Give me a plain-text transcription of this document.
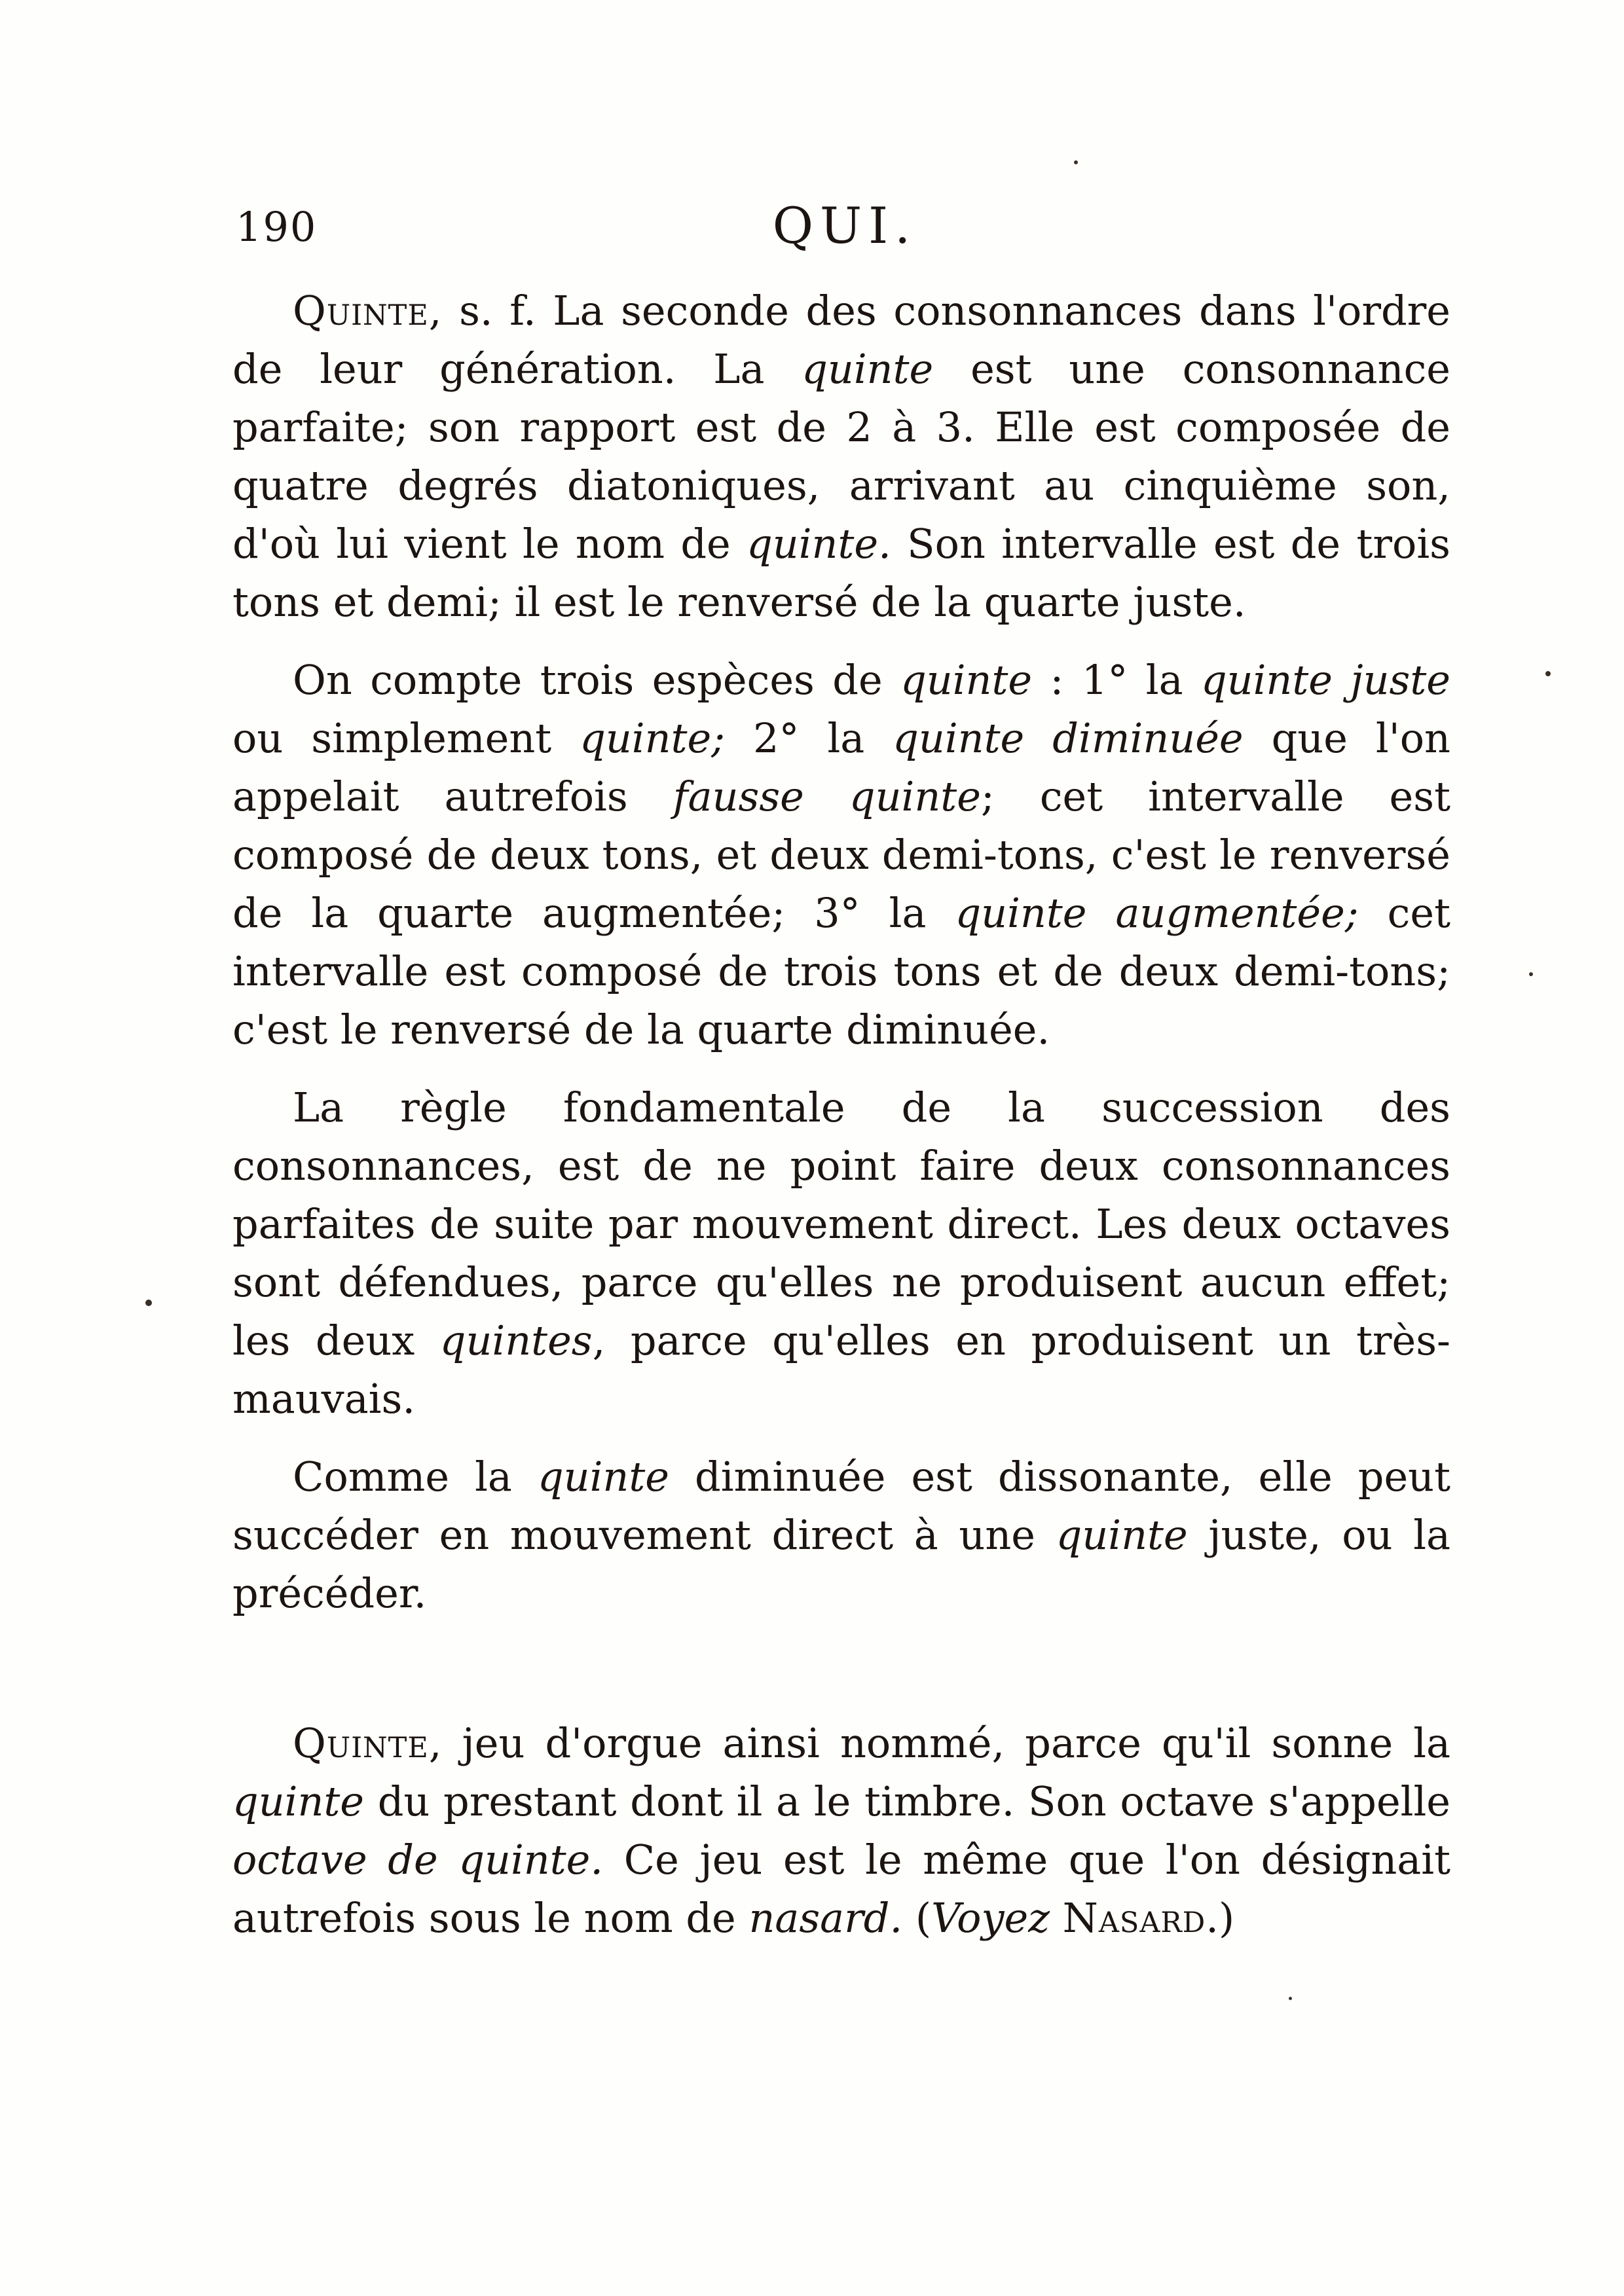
190	QUI.

Quinte, s. f. La seconde des consonnances dans l'ordre de leur génération. La quinte est une consonnance parfaite; son rapport est de 2 à 3. Elle est composée de quatre degrés diatoniques, arrivant au cinquième son, d'où lui vient le nom de quinte. Son intervalle est de trois tons et demi; il est le renversé de la quarte juste.

On compte trois espèces de quinte : 1° la quinte juste ou simplement quinte; 2° la quinte diminuée que l'on appelait autrefois fausse quinte; cet intervalle est composé de deux tons, et deux demi-tons, c'est le renversé de la quarte augmentée; 3° la quinte augmentée; cet intervalle est composé de trois tons et de deux demi-tons; c'est le renversé de la quarte diminuée.

La règle fondamentale de la succession des consonnances, est de ne point faire deux consonnances parfaites de suite par mouvement direct. Les deux octaves sont défendues, parce qu'elles ne produisent aucun effet; les deux quintes, parce qu'elles en produisent un très-mauvais.

Comme la quinte diminuée est dissonante, elle peut succéder en mouvement direct à une quinte juste, ou la précéder.

Quinte, jeu d'orgue ainsi nommé, parce qu'il sonne la quinte du prestant dont il a le timbre. Son octave s'appelle octave de quinte. Ce jeu est le même que l'on désignait autrefois sous le nom de nasard. (Voyez Nasard.)
